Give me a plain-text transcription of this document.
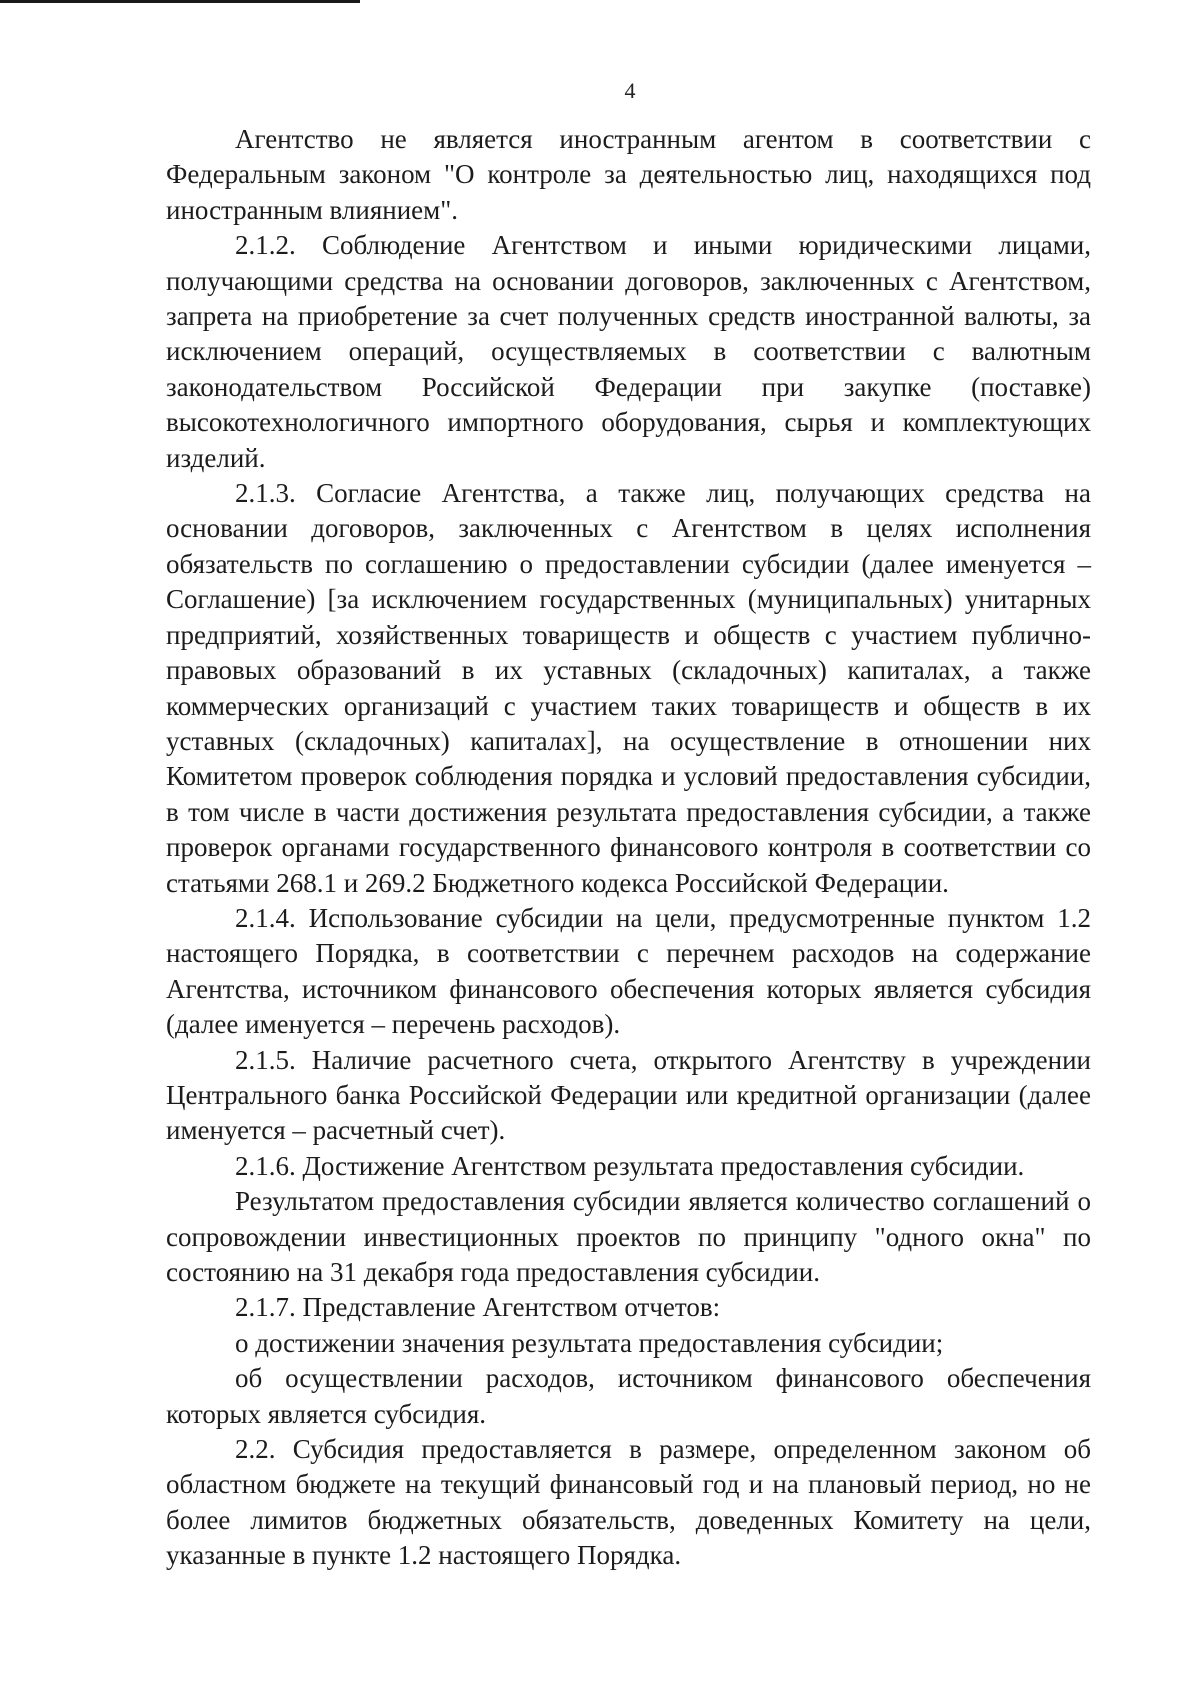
4

Агентство не является иностранным агентом в соответствии с Федеральным законом "О контроле за деятельностью лиц, находящихся под иностранным влиянием".

2.1.2. Соблюдение Агентством и иными юридическими лицами, получающими средства на основании договоров, заключенных с Агентством, запрета на приобретение за счет полученных средств иностранной валюты, за исключением операций, осуществляемых в соответствии с валютным законодательством Российской Федерации при закупке (поставке) высокотехнологичного импортного оборудования, сырья и комплектующих изделий.

2.1.3. Согласие Агентства, а также лиц, получающих средства на основании договоров, заключенных с Агентством в целях исполнения обязательств по соглашению о предоставлении субсидии (далее именуется – Соглашение) [за исключением государственных (муниципальных) унитарных предприятий, хозяйственных товариществ и обществ с участием публично-правовых образований в их уставных (складочных) капиталах, а также коммерческих организаций с участием таких товариществ и обществ в их уставных (складочных) капиталах], на осуществление в отношении них Комитетом проверок соблюдения порядка и условий предоставления субсидии, в том числе в части достижения результата предоставления субсидии, а также проверок органами государственного финансового контроля в соответствии со статьями 268.1 и 269.2 Бюджетного кодекса Российской Федерации.

2.1.4. Использование субсидии на цели, предусмотренные пунктом 1.2 настоящего Порядка, в соответствии с перечнем расходов на содержание Агентства, источником финансового обеспечения которых является субсидия (далее именуется – перечень расходов).

2.1.5. Наличие расчетного счета, открытого Агентству в учреждении Центрального банка Российской Федерации или кредитной организации (далее именуется – расчетный счет).

2.1.6. Достижение Агентством результата предоставления субсидии.

Результатом предоставления субсидии является количество соглашений о сопровождении инвестиционных проектов по принципу "одного окна" по состоянию на 31 декабря года предоставления субсидии.

2.1.7. Представление Агентством отчетов:

о достижении значения результата предоставления субсидии;

об осуществлении расходов, источником финансового обеспечения которых является субсидия.

2.2. Субсидия предоставляется в размере, определенном законом об областном бюджете на текущий финансовый год и на плановый период, но не более лимитов бюджетных обязательств, доведенных Комитету на цели, указанные в пункте 1.2 настоящего Порядка.
